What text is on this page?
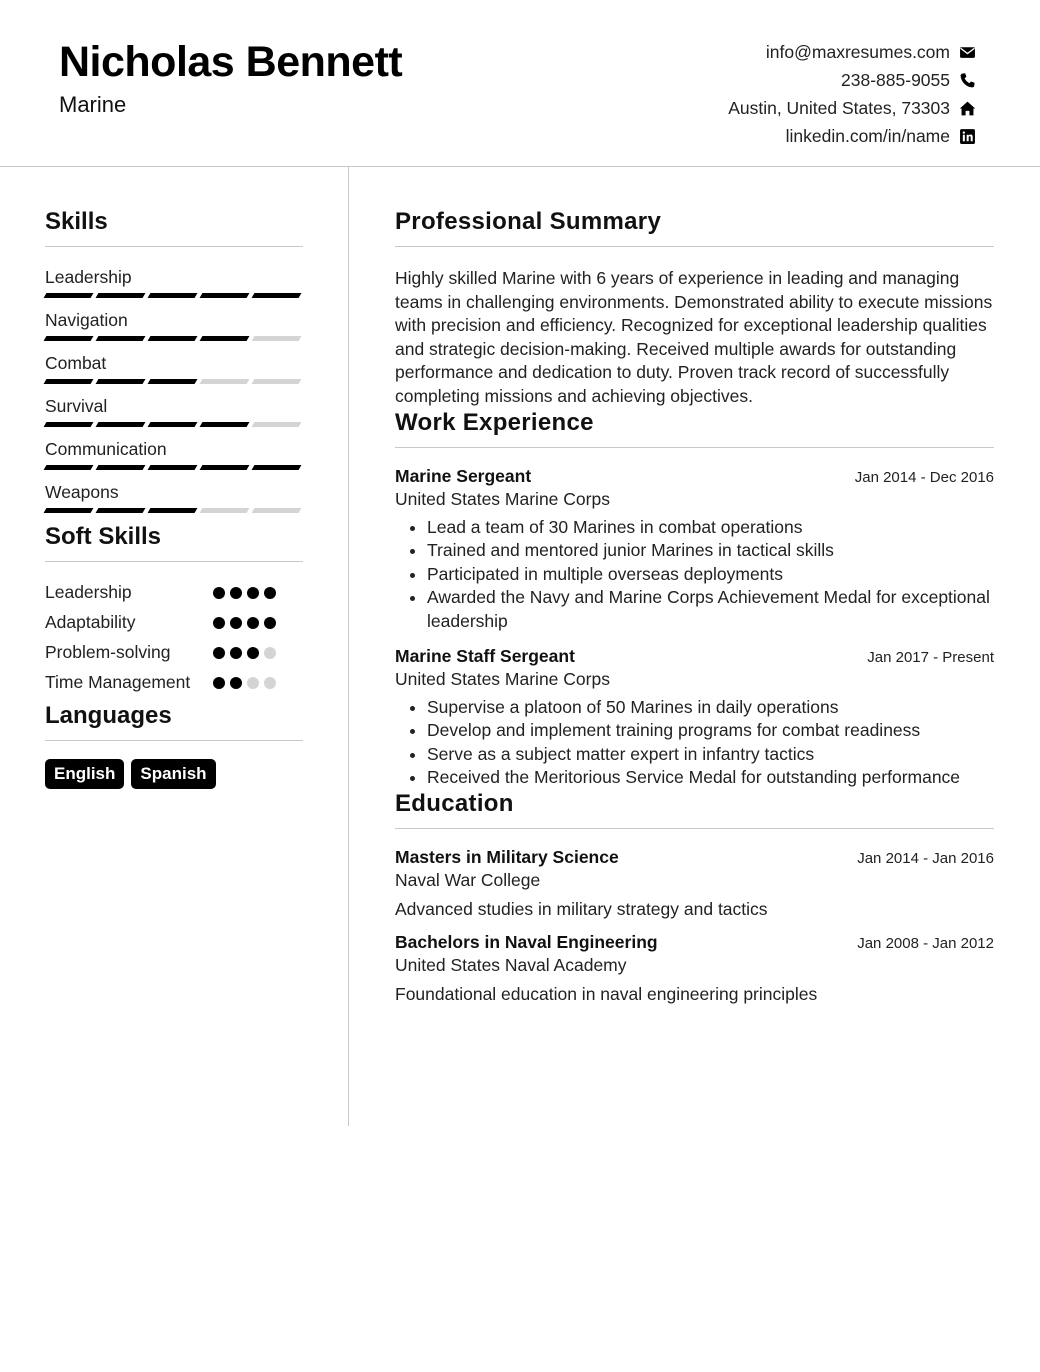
Nicholas Bennett
Marine
info@maxresumes.com
238-885-9055
Austin, United States, 73303
linkedin.com/in/name
Skills
Leadership
Navigation
Combat
Survival
Communication
Weapons
Soft Skills
Leadership
Adaptability
Problem-solving
Time Management
Languages
English	Spanish
Professional Summary

Highly skilled Marine with 6 years of experience in leading and managing teams in challenging environments. Demonstrated ability to execute missions with precision and efficiency. Recognized for exceptional leadership qualities and strategic decision-making. Received multiple awards for outstanding performance and dedication to duty. Proven track record of successfully completing missions and achieving objectives.

Work Experience
Marine Sergeant	Jan 2014 - Dec 2016
United States Marine Corps
• Lead a team of 30 Marines in combat operations
• Trained and mentored junior Marines in tactical skills
• Participated in multiple overseas deployments
• Awarded the Navy and Marine Corps Achievement Medal for exceptional leadership
Marine Staff Sergeant	Jan 2017 - Present
United States Marine Corps
• Supervise a platoon of 50 Marines in daily operations
• Develop and implement training programs for combat readiness
• Serve as a subject matter expert in infantry tactics
• Received the Meritorious Service Medal for outstanding performance
Education
Masters in Military Science	Jan 2014 - Jan 2016
Naval War College
Advanced studies in military strategy and tactics
Bachelors in Naval Engineering	Jan 2008 - Jan 2012
United States Naval Academy
Foundational education in naval engineering principles
